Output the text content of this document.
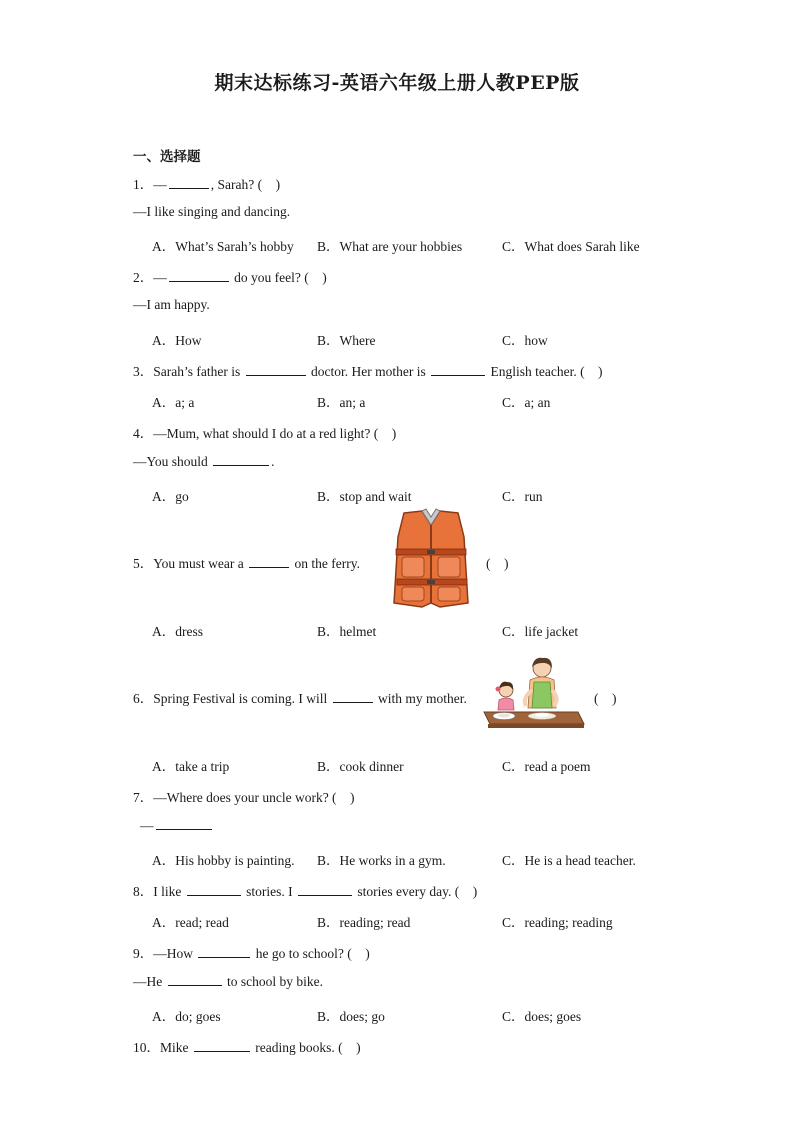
期末达标练习-英语六年级上册人教PEP版
一、选择题
1．—	, Sarah? (　)
—I like singing and dancing.
A．What’s Sarah’s hobby B．What are your hobbies	C．What does Sarah like
2．—	do you feel? (　)
—I am happy.
A．How	B．Where	C．how
3．Sarah’s father is	doctor. Her mother is	English teacher. (　)
A．a; a	B．an; a	C．a; an
4．—Mum, what should I do at a red light? (　)
—You should	.
A．go	B．stop and wait	C．run
5．You must wear a	on the ferry.	(　)
A．dress	B．helmet	C．life jacket
6．Spring Festival is coming. I will	with my mother.	(　)
A．take a trip	B．cook dinner	C．read a poem
7．—Where does your uncle work? (　)
—
A．His hobby is painting. B．He works in a gym.	C．He is a head teacher.
8．I like	stories. I	stories every day. (　)
A．read; read	B．reading; read	C．reading; reading
9．—How	he go to school? (　)
—He	to school by bike.
A．do; goes	B．does; go	C．does; goes
10．Mike	reading books. (　)
